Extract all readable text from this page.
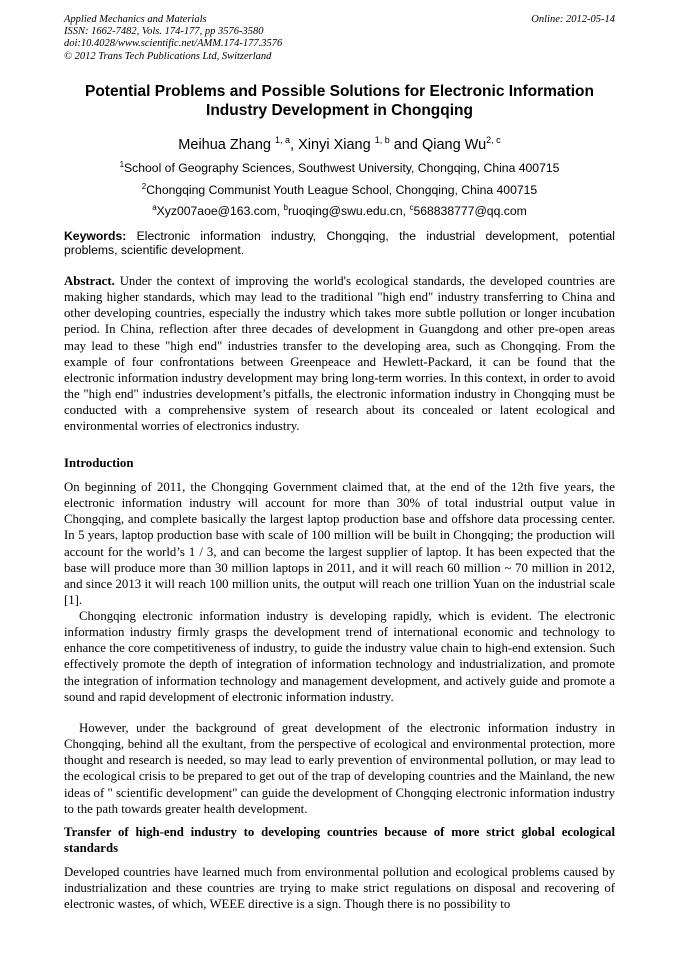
Applied Mechanics and Materials
ISSN: 1662-7482, Vols. 174-177, pp 3576-3580
doi:10.4028/www.scientific.net/AMM.174-177.3576
© 2012 Trans Tech Publications Ltd, Switzerland
Online: 2012-05-14
Potential Problems and Possible Solutions for Electronic Information Industry Development in Chongqing
Meihua Zhang $^{1, a}$, Xinyi Xiang $^{1, b}$ and Qiang Wu$^{2, c}$
$^1$School of Geography Sciences, Southwest University, Chongqing, China 400715
$^2$Chongqing Communist Youth League School, Chongqing, China 400715
$^a$Xyz007aoe@163.com, $^b$ruoqing@swu.edu.cn, $^c$568838777@qq.com
Keywords: Electronic information industry, Chongqing, the industrial development, potential problems, scientific development.
Abstract. Under the context of improving the world's ecological standards, the developed countries are making higher standards, which may lead to the traditional "high end" industry transferring to China and other developing countries, especially the industry which takes more subtle pollution or longer incubation period. In China, reflection after three decades of development in Guangdong and other pre-open areas may lead to these "high end" industries transfer to the developing area, such as Chongqing. From the example of four confrontations between Greenpeace and Hewlett-Packard, it can be found that the electronic information industry development may bring long-term worries. In this context, in order to avoid the "high end" industries development’s pitfalls, the electronic information industry in Chongqing must be conducted with a comprehensive system of research about its concealed or latent ecological and environmental worries of electronics industry.
Introduction
On beginning of 2011, the Chongqing Government claimed that, at the end of the 12th five years, the electronic information industry will account for more than 30% of total industrial output value in Chongqing, and complete basically the largest laptop production base and offshore data processing center. In 5 years, laptop production base with scale of 100 million will be built in Chongqing; the production will account for the world’s 1 / 3, and can become the largest supplier of laptop. It has been expected that the base will produce more than 30 million laptops in 2011, and it will reach 60 million ~ 70 million in 2012, and since 2013 it will reach 100 million units, the output will reach one trillion Yuan on the industrial scale [1].
Chongqing electronic information industry is developing rapidly, which is evident. The electronic information industry firmly grasps the development trend of international economic and technology to enhance the core competitiveness of industry, to guide the industry value chain to high-end extension. Such effectively promote the depth of integration of information technology and industrialization, and promote the integration of information technology and management development, and actively guide and promote a sound and rapid development of electronic information industry.
However, under the background of great development of the electronic information industry in Chongqing, behind all the exultant, from the perspective of ecological and environmental protection, more thought and research is needed, so may lead to early prevention of environmental pollution, or may lead to the ecological crisis to be prepared to get out of the trap of developing countries and the Mainland, the new ideas of " scientific development" can guide the development of Chongqing electronic information industry to the path towards greater health development.
Transfer of high-end industry to developing countries because of more strict global ecological standards
Developed countries have learned much from environmental pollution and ecological problems caused by industrialization and these countries are trying to make strict regulations on disposal and recovering of electronic wastes, of which, WEEE directive is a sign. Though there is no possibility to
